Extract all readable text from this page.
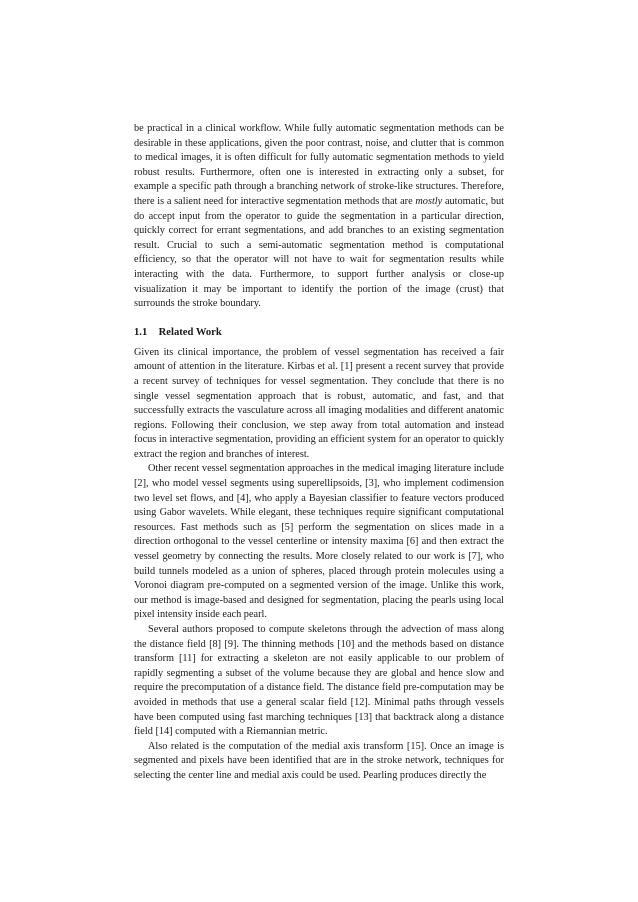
be practical in a clinical workflow. While fully automatic segmentation methods can be desirable in these applications, given the poor contrast, noise, and clutter that is common to medical images, it is often difficult for fully automatic segmentation methods to yield robust results. Furthermore, often one is interested in extracting only a subset, for example a specific path through a branching network of stroke-like structures. Therefore, there is a salient need for interactive segmentation methods that are mostly automatic, but do accept input from the operator to guide the segmentation in a particular direction, quickly correct for errant segmentations, and add branches to an existing segmentation result. Crucial to such a semi-automatic segmentation method is computational efficiency, so that the operator will not have to wait for segmentation results while interacting with the data. Furthermore, to support further analysis or close-up visualization it may be important to identify the portion of the image (crust) that surrounds the stroke boundary.

1.1 Related Work

Given its clinical importance, the problem of vessel segmentation has received a fair amount of attention in the literature. Kirbas et al. [1] present a recent survey that provide a recent survey of techniques for vessel segmentation. They conclude that there is no single vessel segmentation approach that is robust, automatic, and fast, and that successfully extracts the vasculature across all imaging modalities and different anatomic regions. Following their conclusion, we step away from total automation and instead focus in interactive segmentation, providing an efficient system for an operator to quickly extract the region and branches of interest.

Other recent vessel segmentation approaches in the medical imaging literature include [2], who model vessel segments using superellipsoids, [3], who implement codimension two level set flows, and [4], who apply a Bayesian classifier to feature vectors produced using Gabor wavelets. While elegant, these techniques require significant computational resources. Fast methods such as [5] perform the segmentation on slices made in a direction orthogonal to the vessel centerline or intensity maxima [6] and then extract the vessel geometry by connecting the results. More closely related to our work is [7], who build tunnels modeled as a union of spheres, placed through protein molecules using a Voronoi diagram pre-computed on a segmented version of the image. Unlike this work, our method is image-based and designed for segmentation, placing the pearls using local pixel intensity inside each pearl.

Several authors proposed to compute skeletons through the advection of mass along the distance field [8] [9]. The thinning methods [10] and the methods based on distance transform [11] for extracting a skeleton are not easily applicable to our problem of rapidly segmenting a subset of the volume because they are global and hence slow and require the precomputation of a distance field. The distance field pre-computation may be avoided in methods that use a general scalar field [12]. Minimal paths through vessels have been computed using fast marching techniques [13] that backtrack along a distance field [14] computed with a Riemannian metric.

Also related is the computation of the medial axis transform [15]. Once an image is segmented and pixels have been identified that are in the stroke network, techniques for selecting the center line and medial axis could be used. Pearling produces directly the
